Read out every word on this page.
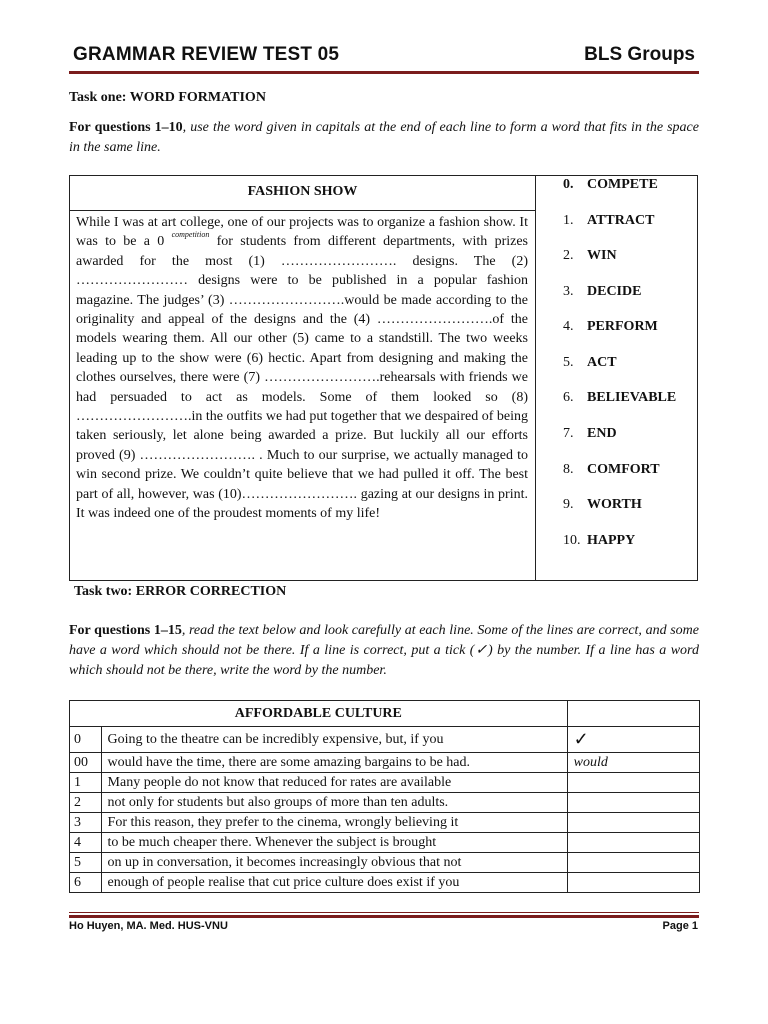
GRAMMAR REVIEW TEST 05	BLS Groups
Task one: WORD FORMATION
For questions 1–10, use the word given in capitals at the end of each line to form a word that fits in the space in the same line.
FASHION SHOW
While I was at art college, one of our projects was to organize a fashion show. It was to be a 0 $^{competition}$ for students from different departments, with prizes awarded for the most (1) ……………………. designs. The (2) …………………… designs were to be published in a popular fashion magazine. The judges’ (3) …………………….would be made according to the originality and appeal of the designs and the (4) …………………….of the models wearing them. All our other (5) came to a standstill. The two weeks leading up to the show were (6) hectic. Apart from designing and making the clothes ourselves, there were (7) …………………….rehearsals with friends we had persuaded to act as models. Some of them looked so (8) …………………….in the outfits we had put together that we despaired of being taken seriously, let alone being awarded a prize. But luckily all our efforts proved (9) ……………………. . Much to our surprise, we actually managed to win second prize. We couldn’t quite believe that we had pulled it off. The best part of all, however, was (10)……………………. gazing at our designs in print. It was indeed one of the proudest moments of my life!
0. COMPETE
1. ATTRACT
2. WIN
3. DECIDE
4. PERFORM
5. ACT
6. BELIEVABLE
7. END
8. COMFORT
9. WORTH
10. HAPPY
Task two: ERROR CORRECTION
For questions 1–15, read the text below and look carefully at each line. Some of the lines are correct, and some have a word which should not be there. If a line is correct, put a tick (✓) by the number. If a line has a word which should not be there, write the word by the number.
AFFORDABLE CULTURE		
0	Going to the theatre can be incredibly expensive, but, if you	✓
00	would have the time, there are some amazing bargains to be had.	would
1	Many people do not know that reduced for rates are available	
2	not only for students but also groups of more than ten adults.	
3	For this reason, they prefer to the cinema, wrongly believing it	
4	to be much cheaper there. Whenever the subject is brought	
5	on up in conversation, it becomes increasingly obvious that not	
6	enough of people realise that cut price culture does exist if you	
Ho Huyen, MA. Med. HUS-VNU	Page 1
